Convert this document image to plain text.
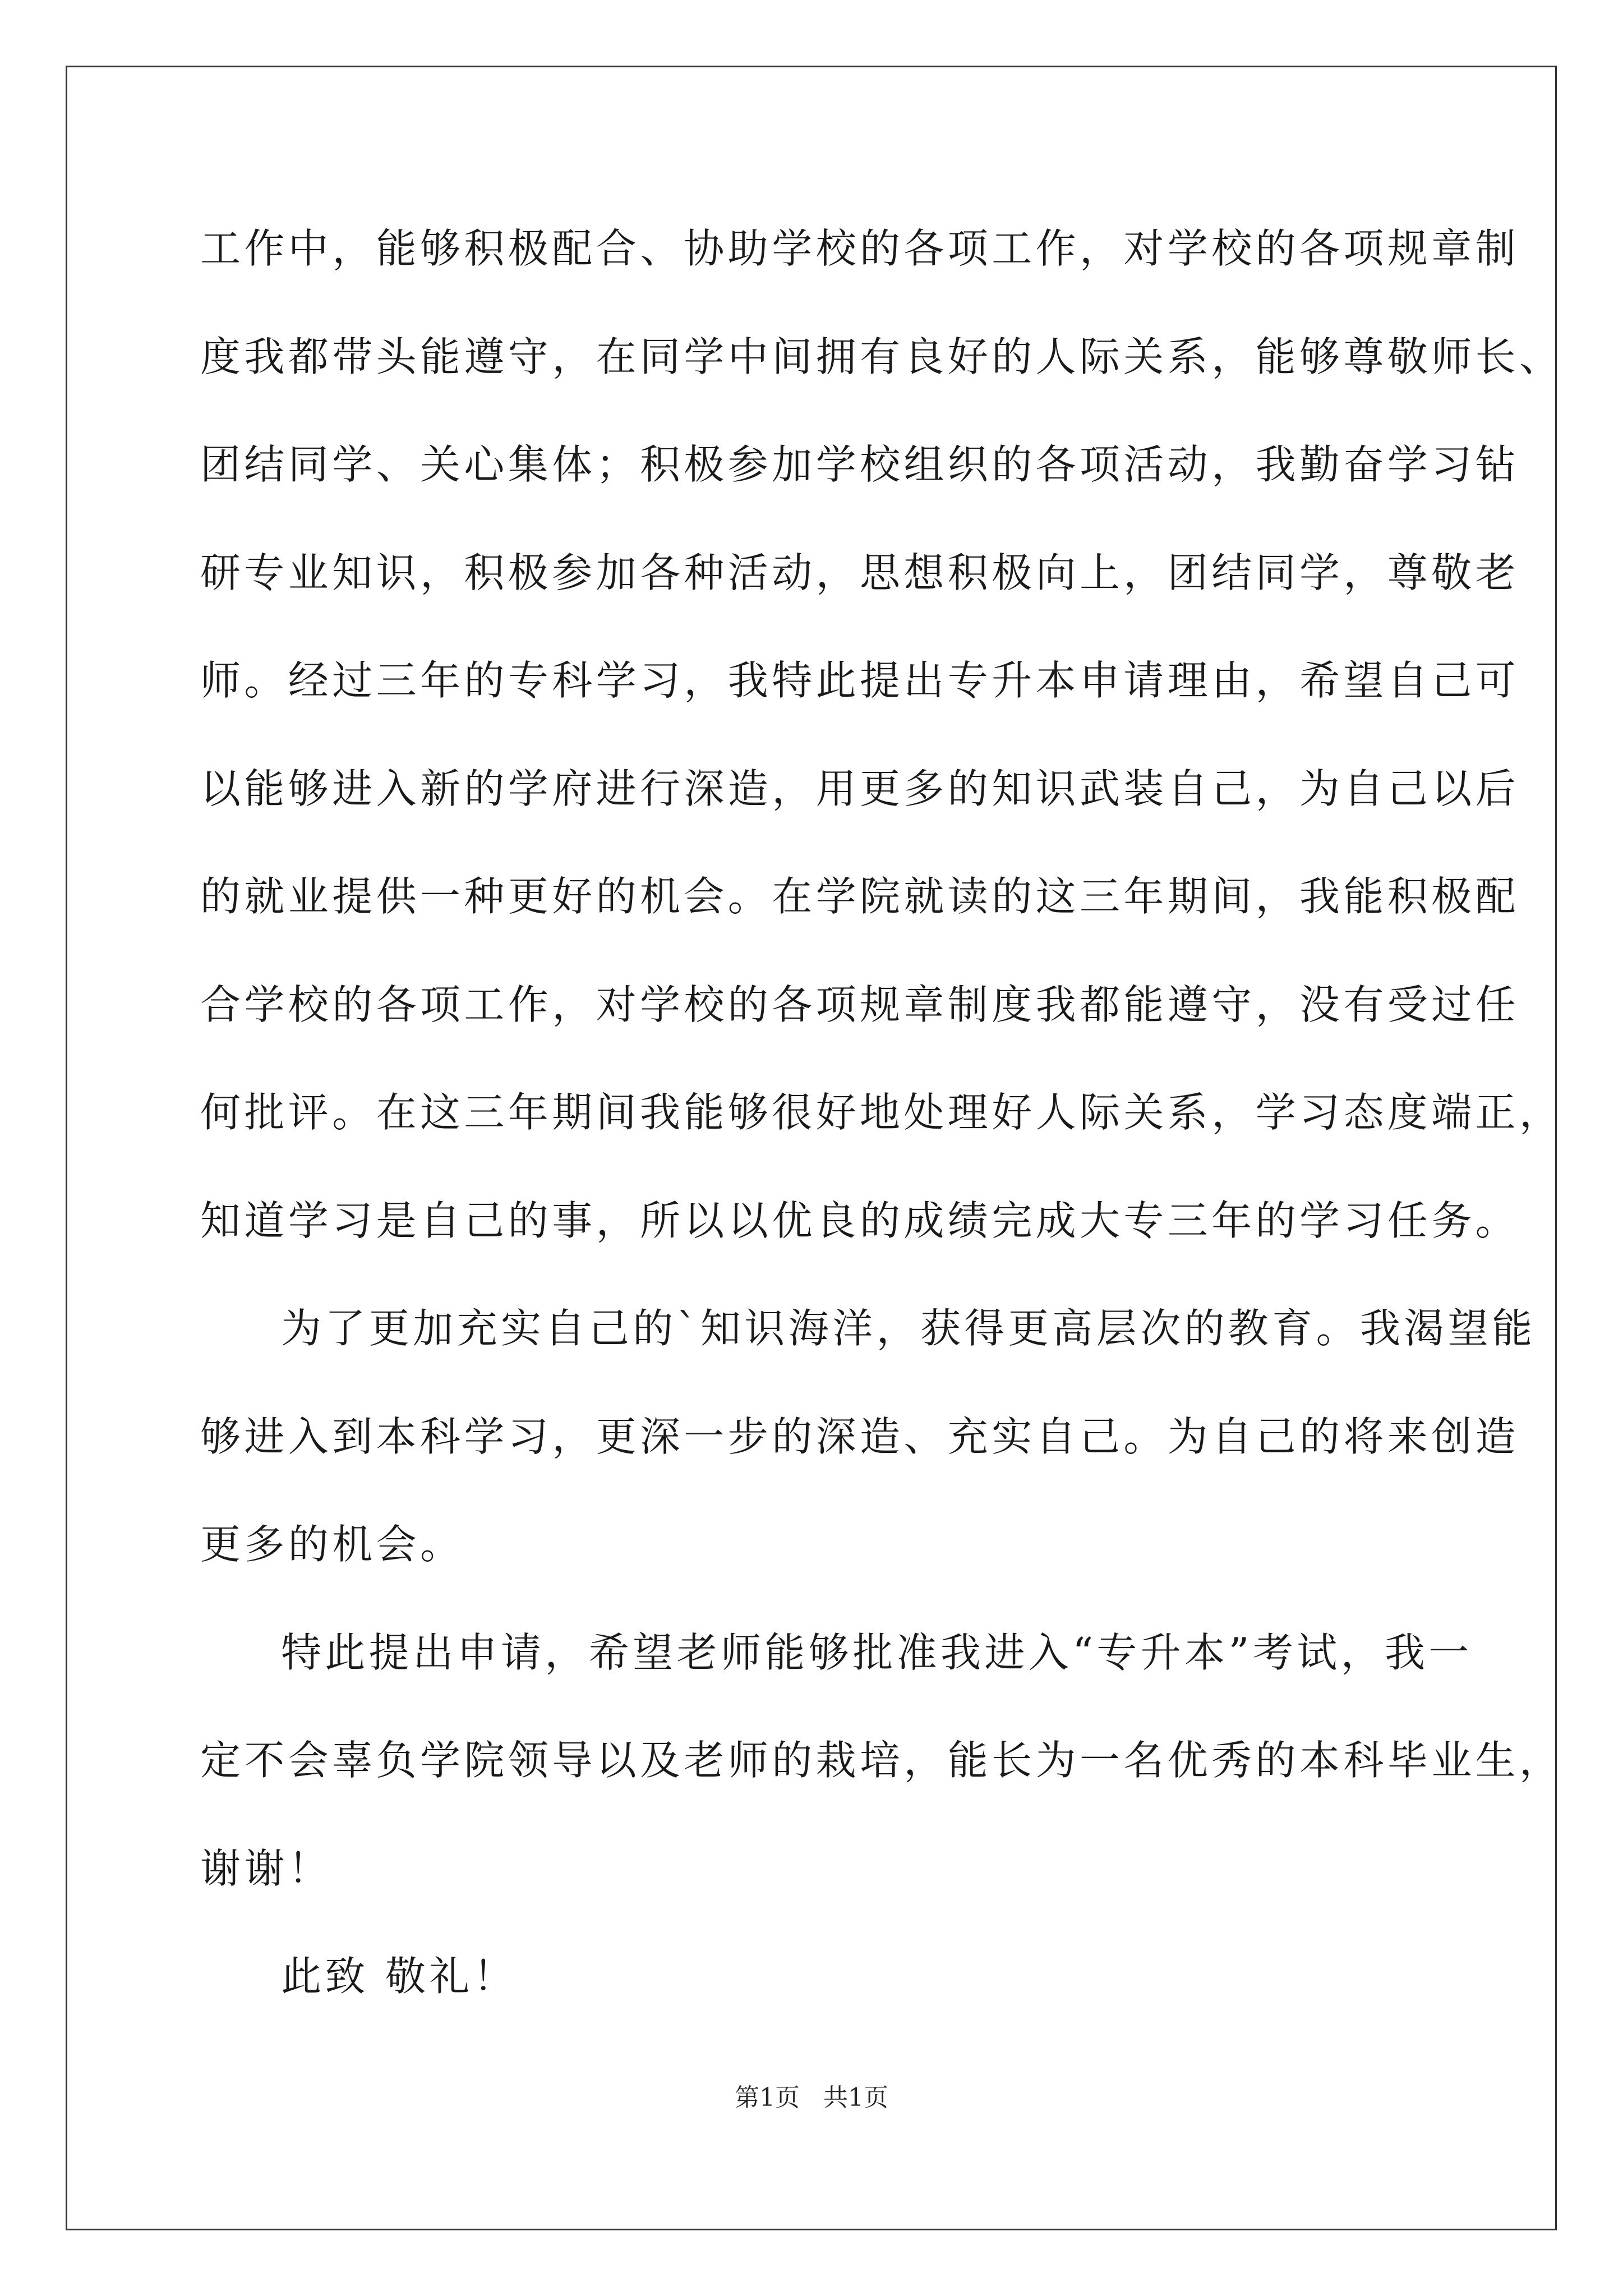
工作中，能够积极配合、协助学校的各项工作，对学校的各项规章制
度我都带头能遵守，在同学中间拥有良好的人际关系，能够尊敬师长、
团结同学、关心集体；积极参加学校组织的各项活动，我勤奋学习钻
研专业知识，积极参加各种活动，思想积极向上，团结同学，尊敬老
师。经过三年的专科学习，我特此提出专升本申请理由，希望自己可
以能够进入新的学府进行深造，用更多的知识武装自己，为自己以后
的就业提供一种更好的机会。在学院就读的这三年期间，我能积极配
合学校的各项工作，对学校的各项规章制度我都能遵守，没有受过任
何批评。在这三年期间我能够很好地处理好人际关系，学习态度端正，
知道学习是自己的事，所以以优良的成绩完成大专三年的学习任务。
为了更加充实自己的`知识海洋，获得更高层次的教育。我渴望能
够进入到本科学习，更深一步的深造、充实自己。为自己的将来创造
更多的机会。
特此提出申请，希望老师能够批准我进入“专升本”考试，我一
定不会辜负学院领导以及老师的栽培，能长为一名优秀的本科毕业生，
谢谢！
此致 敬礼！
第1页   共1页
